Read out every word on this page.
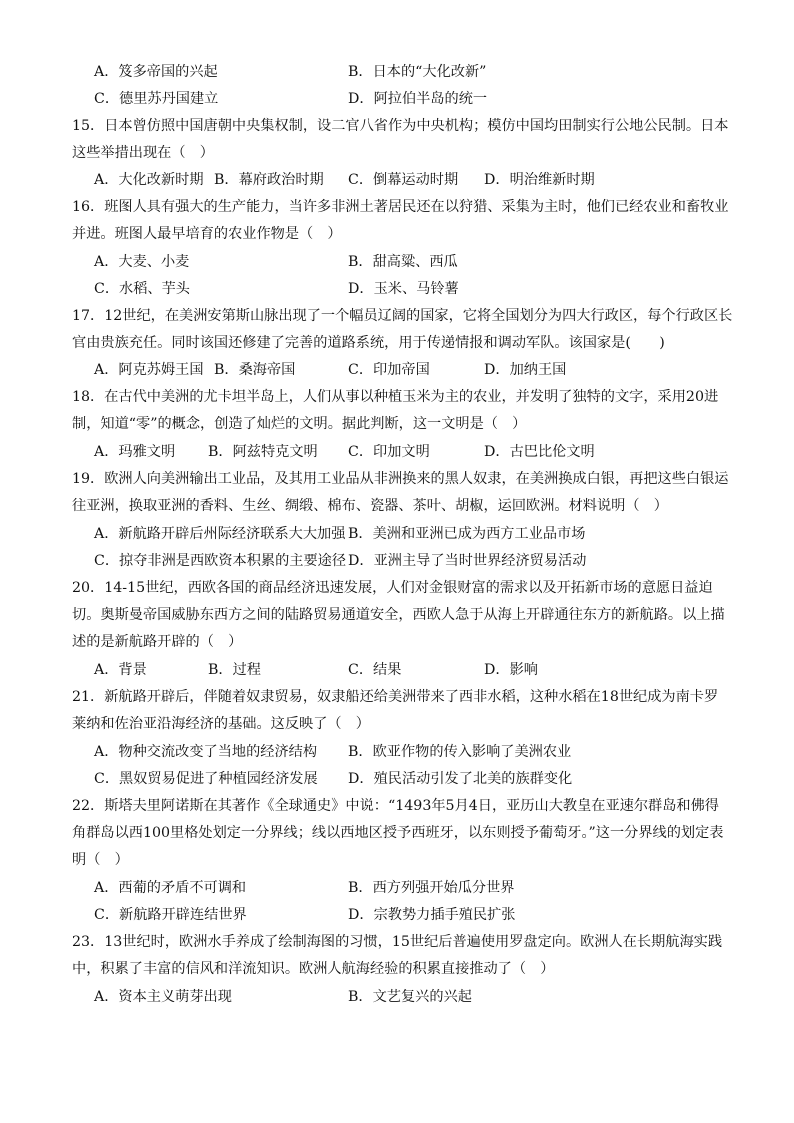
A．笈多帝国的兴起	B．日本的“大化改新”
C．德里苏丹国建立	D．阿拉伯半岛的统一
15．日本曾仿照中国唐朝中央集权制，设二官八省作为中央机构；模仿中国均田制实行公地公民制。日本
这些举措出现在（　）
A．大化改新时期 B．幕府政治时期 C．倒幕运动时期 D．明治维新时期
16．班图人具有强大的生产能力，当许多非洲土著居民还在以狩猎、采集为主时，他们已经农业和畜牧业
并进。班图人最早培育的农业作物是（　）
A．大麦、小麦	B．甜高粱、西瓜
C．水稻、芋头	D．玉米、马铃薯
17．12世纪，在美洲安第斯山脉出现了一个幅员辽阔的国家，它将全国划分为四大行政区，每个行政区长
官由贵族充任。同时该国还修建了完善的道路系统，用于传递情报和调动军队。该国家是(　　)
A．阿克苏姆王国 B．桑海帝国	C．印加帝国	D．加纳王国
18．在古代中美洲的尤卡坦半岛上，人们从事以种植玉米为主的农业，并发明了独特的文字，采用20进
制，知道“零”的概念，创造了灿烂的文明。据此判断，这一文明是（　）
A．玛雅文明 B．阿兹特克文明 C．印加文明	D．古巴比伦文明
19．欧洲人向美洲输出工业品，及其用工业品从非洲换来的黑人奴隶，在美洲换成白银，再把这些白银运
往亚洲，换取亚洲的香料、生丝、绸缎、棉布、瓷器、茶叶、胡椒，运回欧洲。材料说明（　）
A．新航路开辟后州际经济联系大大加强 B．美洲和亚洲已成为西方工业品市场
C．掠夺非洲是西欧资本积累的主要途径 D．亚洲主导了当时世界经济贸易活动
20．14-15世纪，西欧各国的商品经济迅速发展，人们对金银财富的需求以及开拓新市场的意愿日益迫
切。奥斯曼帝国威胁东西方之间的陆路贸易通道安全，西欧人急于从海上开辟通往东方的新航路。以上描
述的是新航路开辟的（　）
A．背景	B．过程	C．结果	D．影响
21．新航路开辟后，伴随着奴隶贸易，奴隶船还给美洲带来了西非水稻，这种水稻在18世纪成为南卡罗
莱纳和佐治亚沿海经济的基础。这反映了（　）
A．物种交流改变了当地的经济结构 B．欧亚作物的传入影响了美洲农业
C．黑奴贸易促进了种植园经济发展 D．殖民活动引发了北美的族群变化
22．斯塔夫里阿诺斯在其著作《全球通史》中说：“1493年5月4日，亚历山大教皇在亚速尔群岛和佛得
角群岛以西100里格处划定一分界线；线以西地区授予西班牙，以东则授予葡萄牙。”这一分界线的划定表
明（　）
A．西葡的矛盾不可调和	B．西方列强开始瓜分世界
C．新航路开辟连结世界	D．宗教势力插手殖民扩张
23．13世纪时，欧洲水手养成了绘制海图的习惯，15世纪后普遍使用罗盘定向。欧洲人在长期航海实践
中，积累了丰富的信风和洋流知识。欧洲人航海经验的积累直接推动了（　）
A．资本主义萌芽出现	B．文艺复兴的兴起
